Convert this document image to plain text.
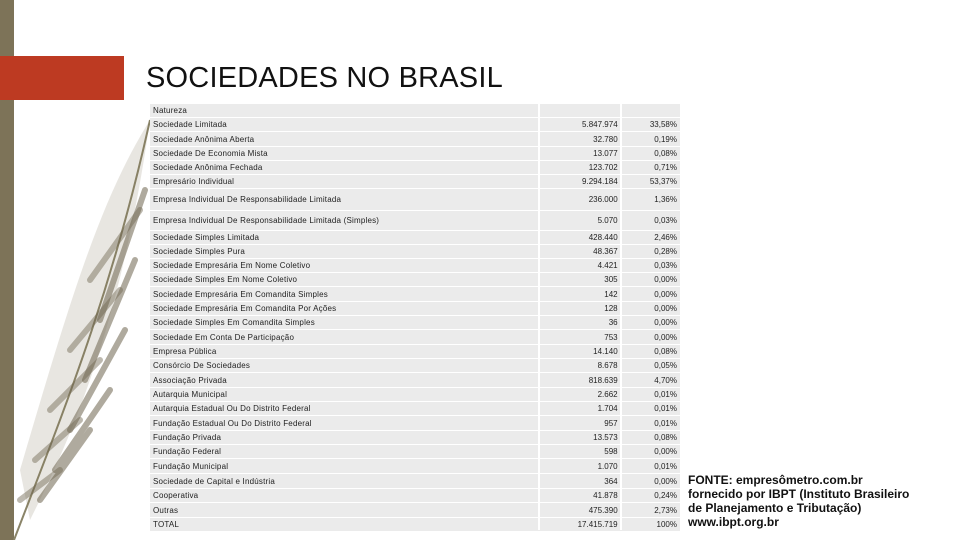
SOCIEDADES NO BRASIL
Natureza
Sociedade Limitada	5.847.974	33,58%
Sociedade Anônima Aberta	32.780	0,19%
Sociedade De Economia Mista	13.077	0,08%
Sociedade Anônima Fechada	123.702	0,71%
Empresário Individual	9.294.184	53,37%
Empresa Individual De Responsabilidade Limitada	236.000	1,36%
Empresa Individual De Responsabilidade Limitada (Simples)	5.070	0,03%
Sociedade Simples Limitada	428.440	2,46%
Sociedade Simples Pura	48.367	0,28%
Sociedade Empresária Em Nome Coletivo	4.421	0,03%
Sociedade Simples Em Nome Coletivo	305	0,00%
Sociedade Empresária Em Comandita Simples	142	0,00%
Sociedade Empresária Em Comandita Por Ações	128	0,00%
Sociedade Simples Em Comandita Simples	36	0,00%
Sociedade Em Conta De Participação	753	0,00%
Empresa Pública	14.140	0,08%
Consórcio De Sociedades	8.678	0,05%
Associação Privada	818.639	4,70%
Autarquia Municipal	2.662	0,01%
Autarquia Estadual Ou Do Distrito Federal	1.704	0,01%
Fundação Estadual Ou Do Distrito Federal	957	0,01%
Fundação Privada	13.573	0,08%
Fundação Federal	598	0,00%
Fundação Municipal	1.070	0,01%
Sociedade de Capital e Indústria	364	0,00%
Cooperativa	41.878	0,24%
Outras	475.390	2,73%
TOTAL	17.415.719	100%
FONTE: empresômetro.com.br
fornecido por IBPT (Instituto Brasileiro
de Planejamento e Tributação)
www.ibpt.org.br
